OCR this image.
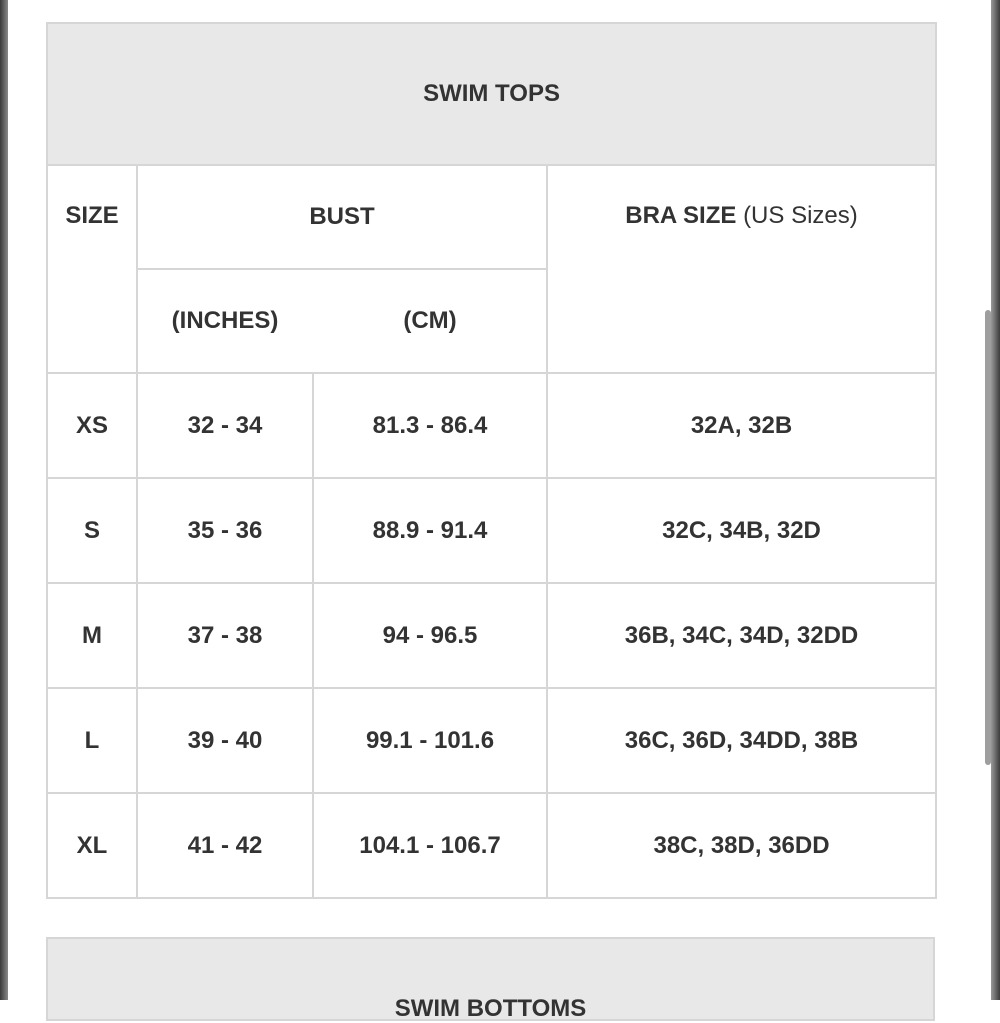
SWIM TOPS			
SIZE	BUST		BRA SIZE (US Sizes)
	(INCHES)	(CM)	
XS	32 - 34	81.3 - 86.4	32A, 32B
S	35 - 36	88.9 - 91.4	32C, 34B, 32D
M	37 - 38	94 - 96.5	36B, 34C, 34D, 32DD
L	39 - 40	99.1 - 101.6	36C, 36D, 34DD, 38B
XL	41 - 42	104.1 - 106.7	38C, 38D, 36DD
SWIM BOTTOMS
